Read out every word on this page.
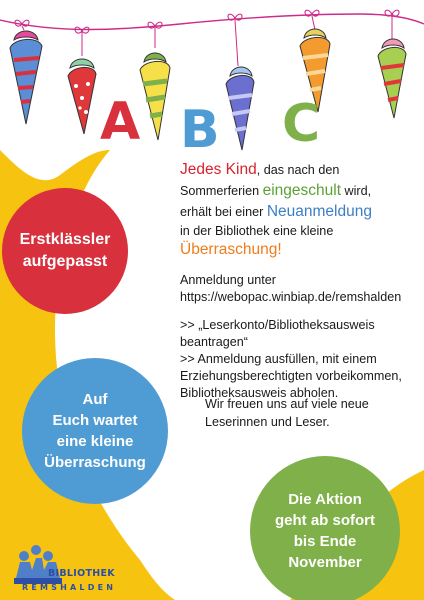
A B C
Erstklässler
aufgepasst
Auf
Euch wartet
eine kleine
Überraschung
Die Aktion
geht ab sofort
bis Ende
November

Jedes Kind, das nach den
Sommerferien eingeschult wird,
erhält bei einer Neuanmeldung
in der Bibliothek eine kleine
Überraschung!

Anmeldung unter
https://webopac.winbiap.de/remshalden

>> „Leserkonto/Bibliotheksausweis beantragen“

>> Anmeldung ausfüllen, mit einem Erziehungsberechtigten vorbeikommen, Bibliotheksausweis abholen.

Wir freuen uns auf viele neue Leserinnen und Leser.
BIBLIOTHEK
REMSHALDEN
